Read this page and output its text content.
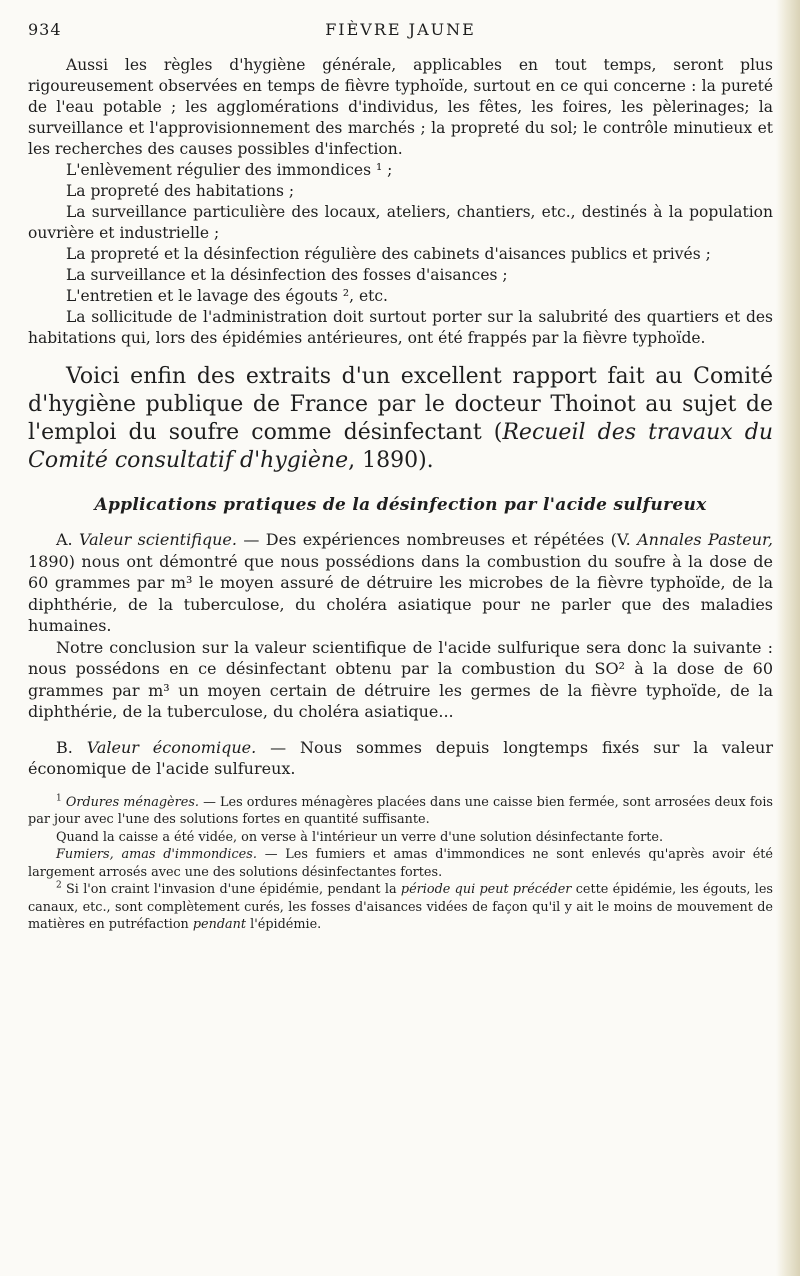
934	FIÈVRE JAUNE

Aussi les règles d'hygiène générale, applicables en tout temps, seront plus rigoureusement observées en temps de fièvre typhoïde, surtout en ce qui concerne : la pureté de l'eau potable ; les agglomérations d'individus, les fêtes, les foires, les pèlerinages; la surveillance et l'approvisionnement des marchés ; la propreté du sol; le contrôle minutieux et les recherches des causes possibles d'infection.

L'enlèvement régulier des immondices ¹ ;

La propreté des habitations ;

La surveillance particulière des locaux, ateliers, chantiers, etc., destinés à la population ouvrière et industrielle ;

La propreté et la désinfection régulière des cabinets d'aisances publics et privés ;

La surveillance et la désinfection des fosses d'aisances ;

L'entretien et le lavage des égouts ², etc.

La sollicitude de l'administration doit surtout porter sur la salubrité des quartiers et des habitations qui, lors des épidémies antérieures, ont été frappés par la fièvre typhoïde.

Voici enfin des extraits d'un excellent rapport fait au Comité d'hygiène publique de France par le docteur Thoinot au sujet de l'emploi du soufre comme désinfectant (Recueil des travaux du Comité consultatif d'hygiène, 1890).

Applications pratiques de la désinfection par l'acide sulfureux

A. Valeur scientifique. — Des expériences nombreuses et répétées (V. Annales Pasteur, 1890) nous ont démontré que nous possédions dans la combustion du soufre à la dose de 60 grammes par m³ le moyen assuré de détruire les microbes de la fièvre typhoïde, de la diphthérie, de la tuberculose, du choléra asiatique pour ne parler que des maladies humaines.

Notre conclusion sur la valeur scientifique de l'acide sulfurique sera donc la suivante : nous possédons en ce désinfectant obtenu par la combustion du SO² à la dose de 60 grammes par m³ un moyen certain de détruire les germes de la fièvre typhoïde, de la diphthérie, de la tuberculose, du choléra asiatique...

B. Valeur économique. — Nous sommes depuis longtemps fixés sur la valeur économique de l'acide sulfureux.

$^1$ Ordures ménagères. — Les ordures ménagères placées dans une caisse bien fermée, sont arrosées deux fois par jour avec l'une des solutions fortes en quantité suffisante.

Quand la caisse a été vidée, on verse à l'intérieur un verre d'une solution désinfectante forte.

Fumiers, amas d'immondices. — Les fumiers et amas d'immondices ne sont enlevés qu'après avoir été largement arrosés avec une des solutions désinfectantes fortes.

$^2$ Si l'on craint l'invasion d'une épidémie, pendant la période qui peut précéder cette épidémie, les égouts, les canaux, etc., sont complètement curés, les fosses d'aisances vidées de façon qu'il y ait le moins de mouvement de matières en putréfaction pendant l'épidémie.
